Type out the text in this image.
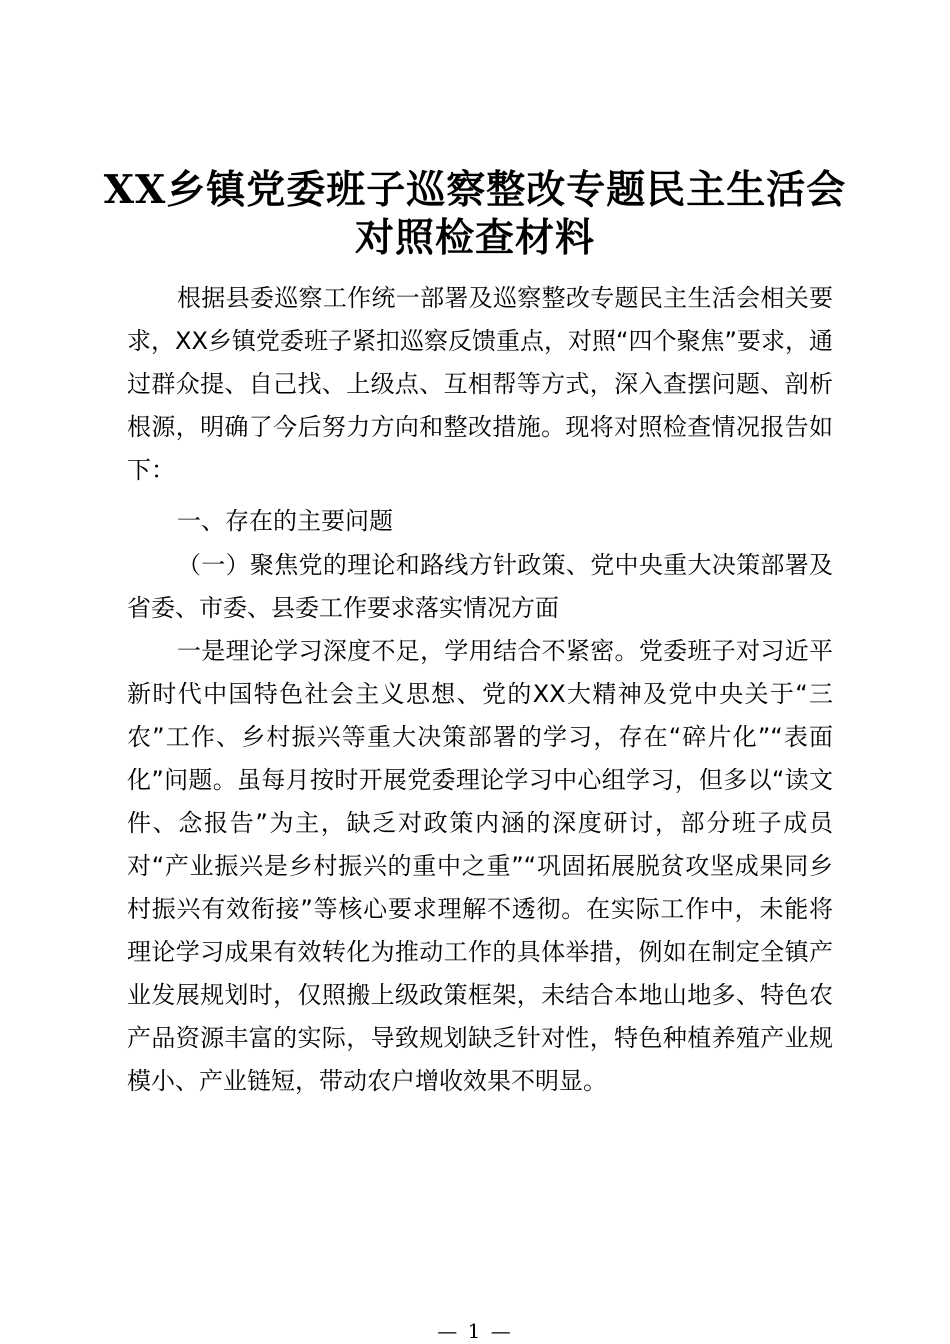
XX乡镇党委班子巡察整改专题民主生活会对照检查材料

根据县委巡察工作统一部署及巡察整改专题民主生活会相关要求，XX乡镇党委班子紧扣巡察反馈重点，对照“四个聚焦”要求，通过群众提、自己找、上级点、互相帮等方式，深入查摆问题、剖析根源，明确了今后努力方向和整改措施。现将对照检查情况报告如下：

一、存在的主要问题

（一）聚焦党的理论和路线方针政策、党中央重大决策部署及省委、市委、县委工作要求落实情况方面

一是理论学习深度不足，学用结合不紧密。党委班子对习近平新时代中国特色社会主义思想、党的XX大精神及党中央关于“三农”工作、乡村振兴等重大决策部署的学习，存在“碎片化”“表面化”问题。虽每月按时开展党委理论学习中心组学习，但多以“读文件、念报告”为主，缺乏对政策内涵的深度研讨，部分班子成员对“产业振兴是乡村振兴的重中之重”“巩固拓展脱贫攻坚成果同乡村振兴有效衔接”等核心要求理解不透彻。在实际工作中，未能将理论学习成果有效转化为推动工作的具体举措，例如在制定全镇产业发展规划时，仅照搬上级政策框架，未结合本地山地多、特色农产品资源丰富的实际，导致规划缺乏针对性，特色种植养殖产业规模小、产业链短，带动农户增收效果不明显。

— 1 —
